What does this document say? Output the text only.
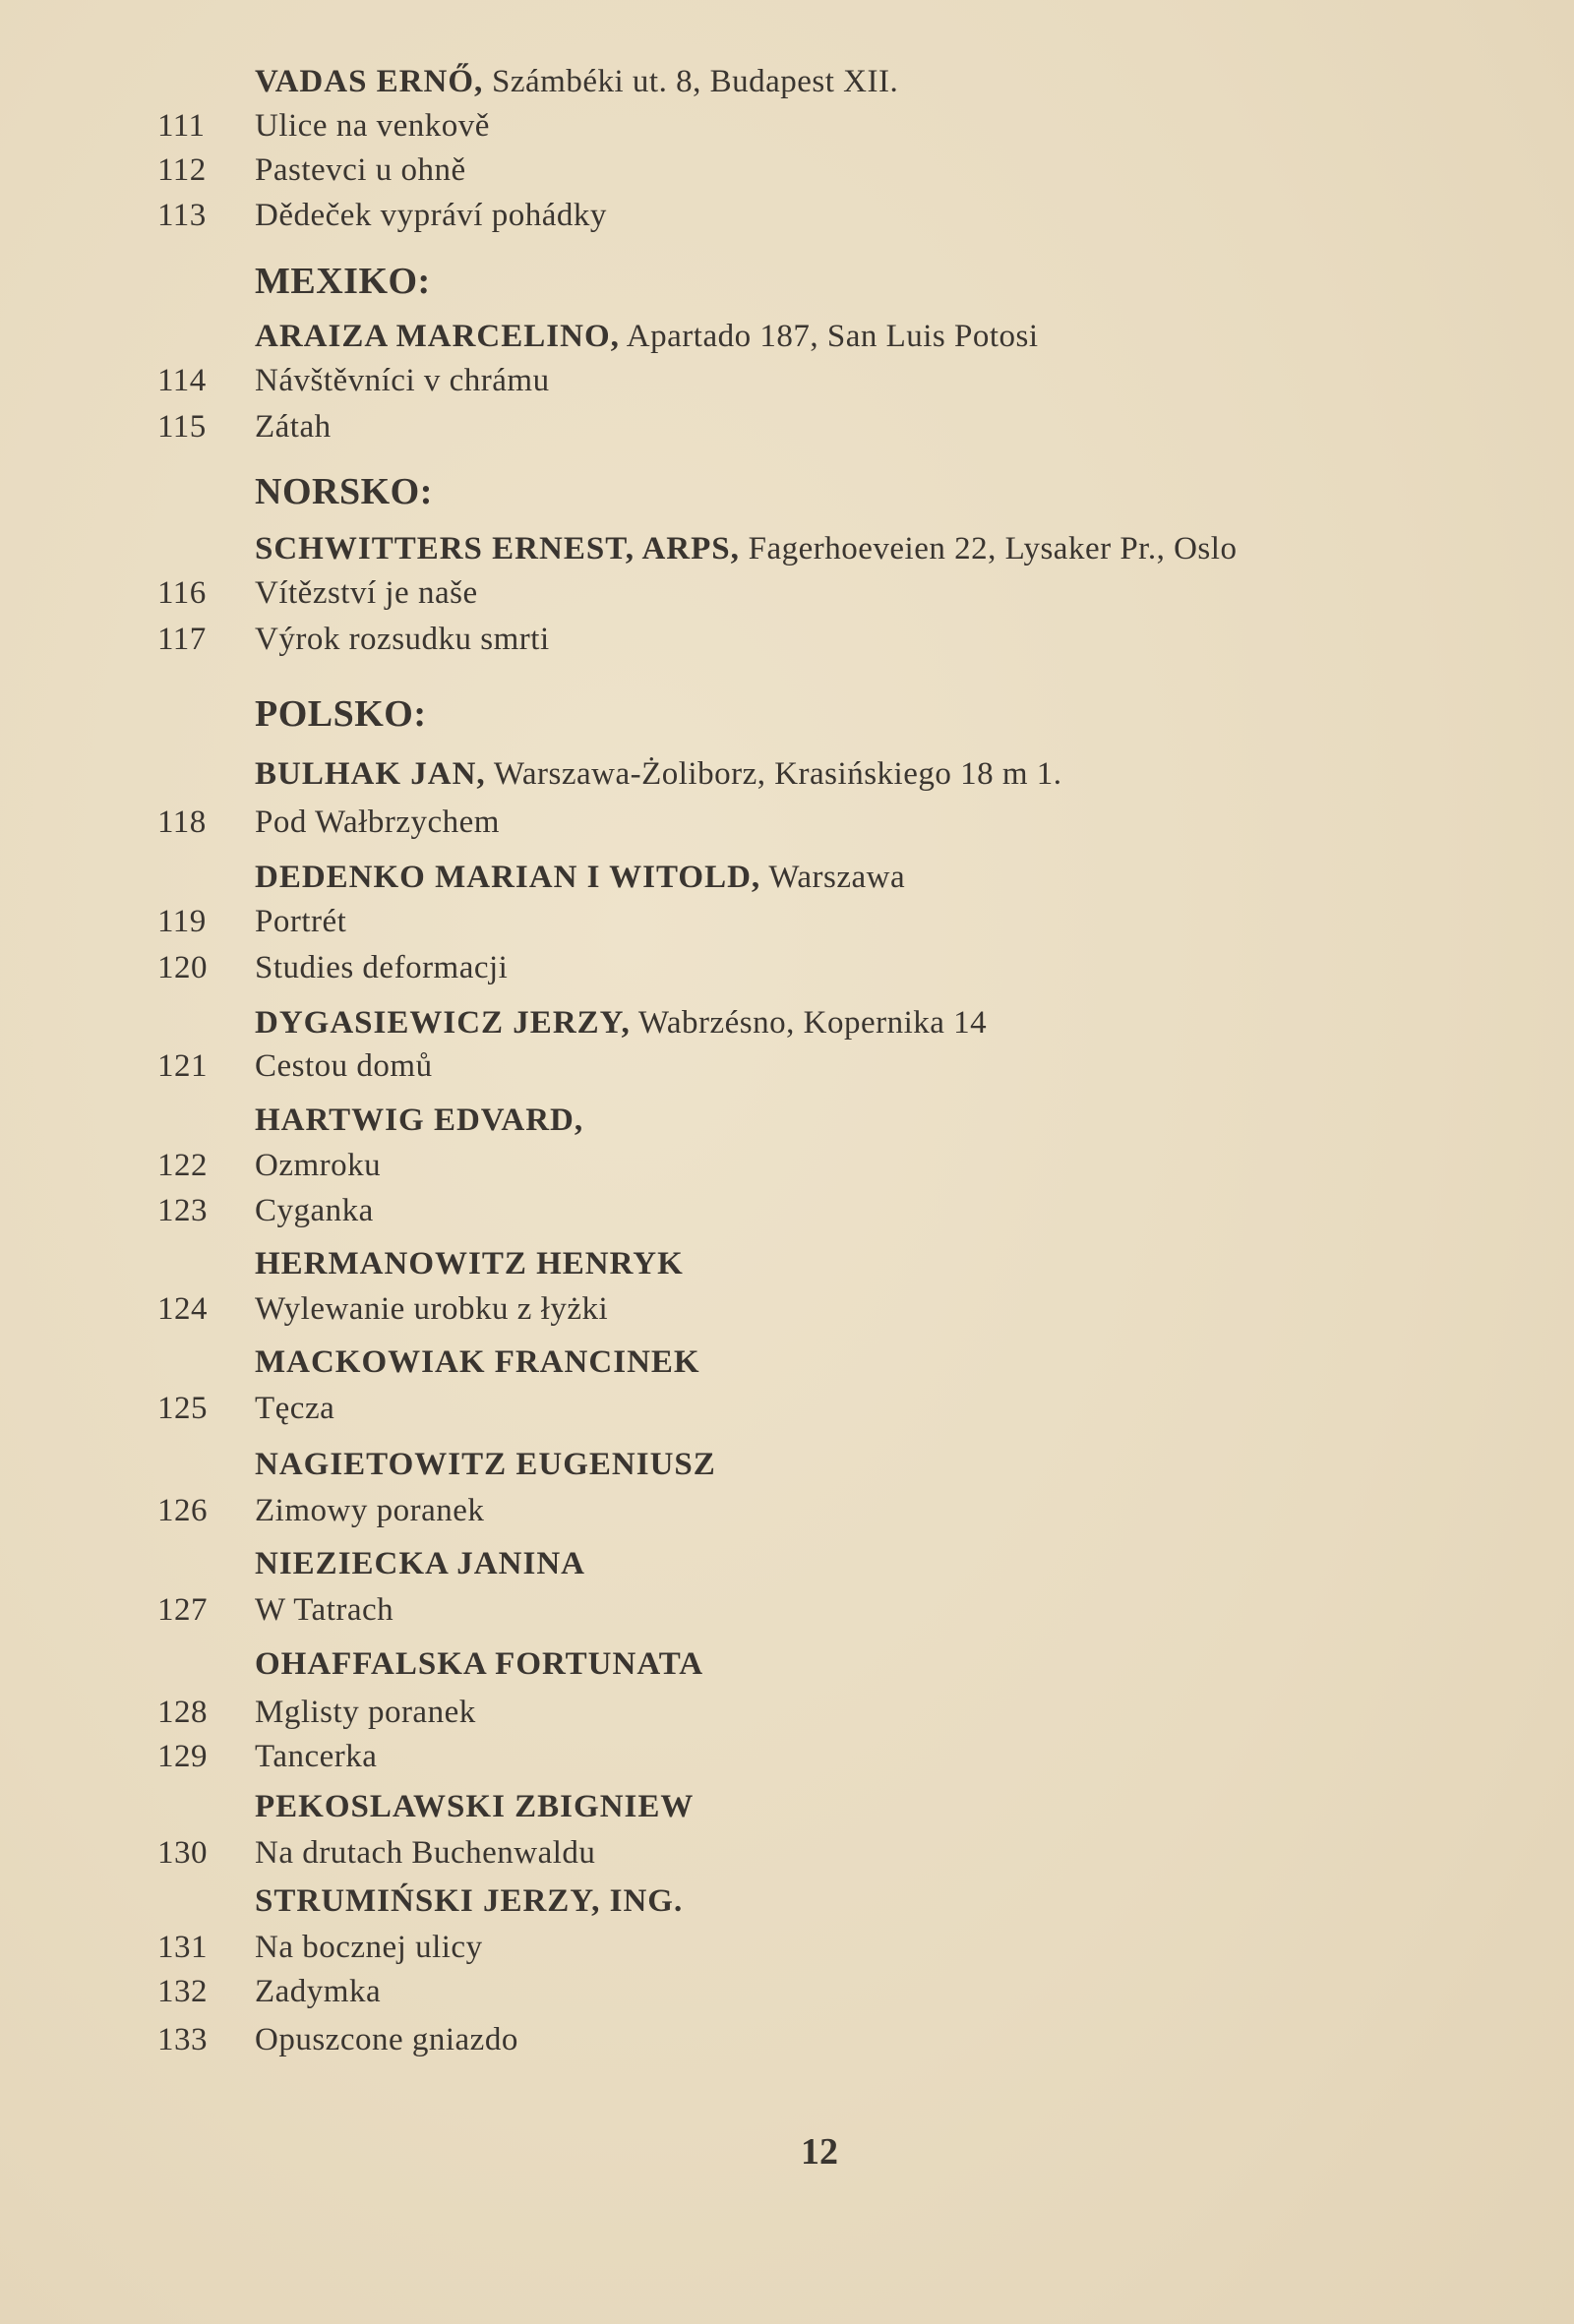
VADAS ERNŐ, Számbéki ut. 8, Budapest XII.
111	Ulice na venkově
112	Pastevci u ohně
113	Dědeček vypráví pohádky
MEXIKO:
ARAIZA MARCELINO, Apartado 187, San Luis Potosi
114	Návštěvníci v chrámu
115	Zátah
NORSKO:
SCHWITTERS ERNEST, ARPS, Fagerhoeveien 22, Lysaker Pr., Oslo
116	Vítězství je naše
117	Výrok rozsudku smrti
POLSKO:
BULHAK JAN, Warszawa-Żoliborz, Krasińskiego 18 m 1.
118	Pod Wałbrzychem
DEDENKO MARIAN I WITOLD, Warszawa
119	Portrét
120	Studies deformacji
DYGASIEWICZ JERZY, Wabrzésno, Kopernika 14
121	Cestou domů
HARTWIG EDVARD,
122	Ozmroku
123	Cyganka
HERMANOWITZ HENRYK
124	Wylewanie urobku z łyżki
MACKOWIAK FRANCINEK
125	Tęcza
NAGIETOWITZ EUGENIUSZ
126	Zimowy poranek
NIEZIECKA JANINA
127	W Tatrach
OHAFFALSKA FORTUNATA
128	Mglisty poranek
129	Tancerka
PEKOSLAWSKI ZBIGNIEW
130	Na drutach Buchenwaldu
STRUMIŃSKI JERZY, ING.
131	Na bocznej ulicy
132	Zadymka
133	Opuszcone gniazdo
12
